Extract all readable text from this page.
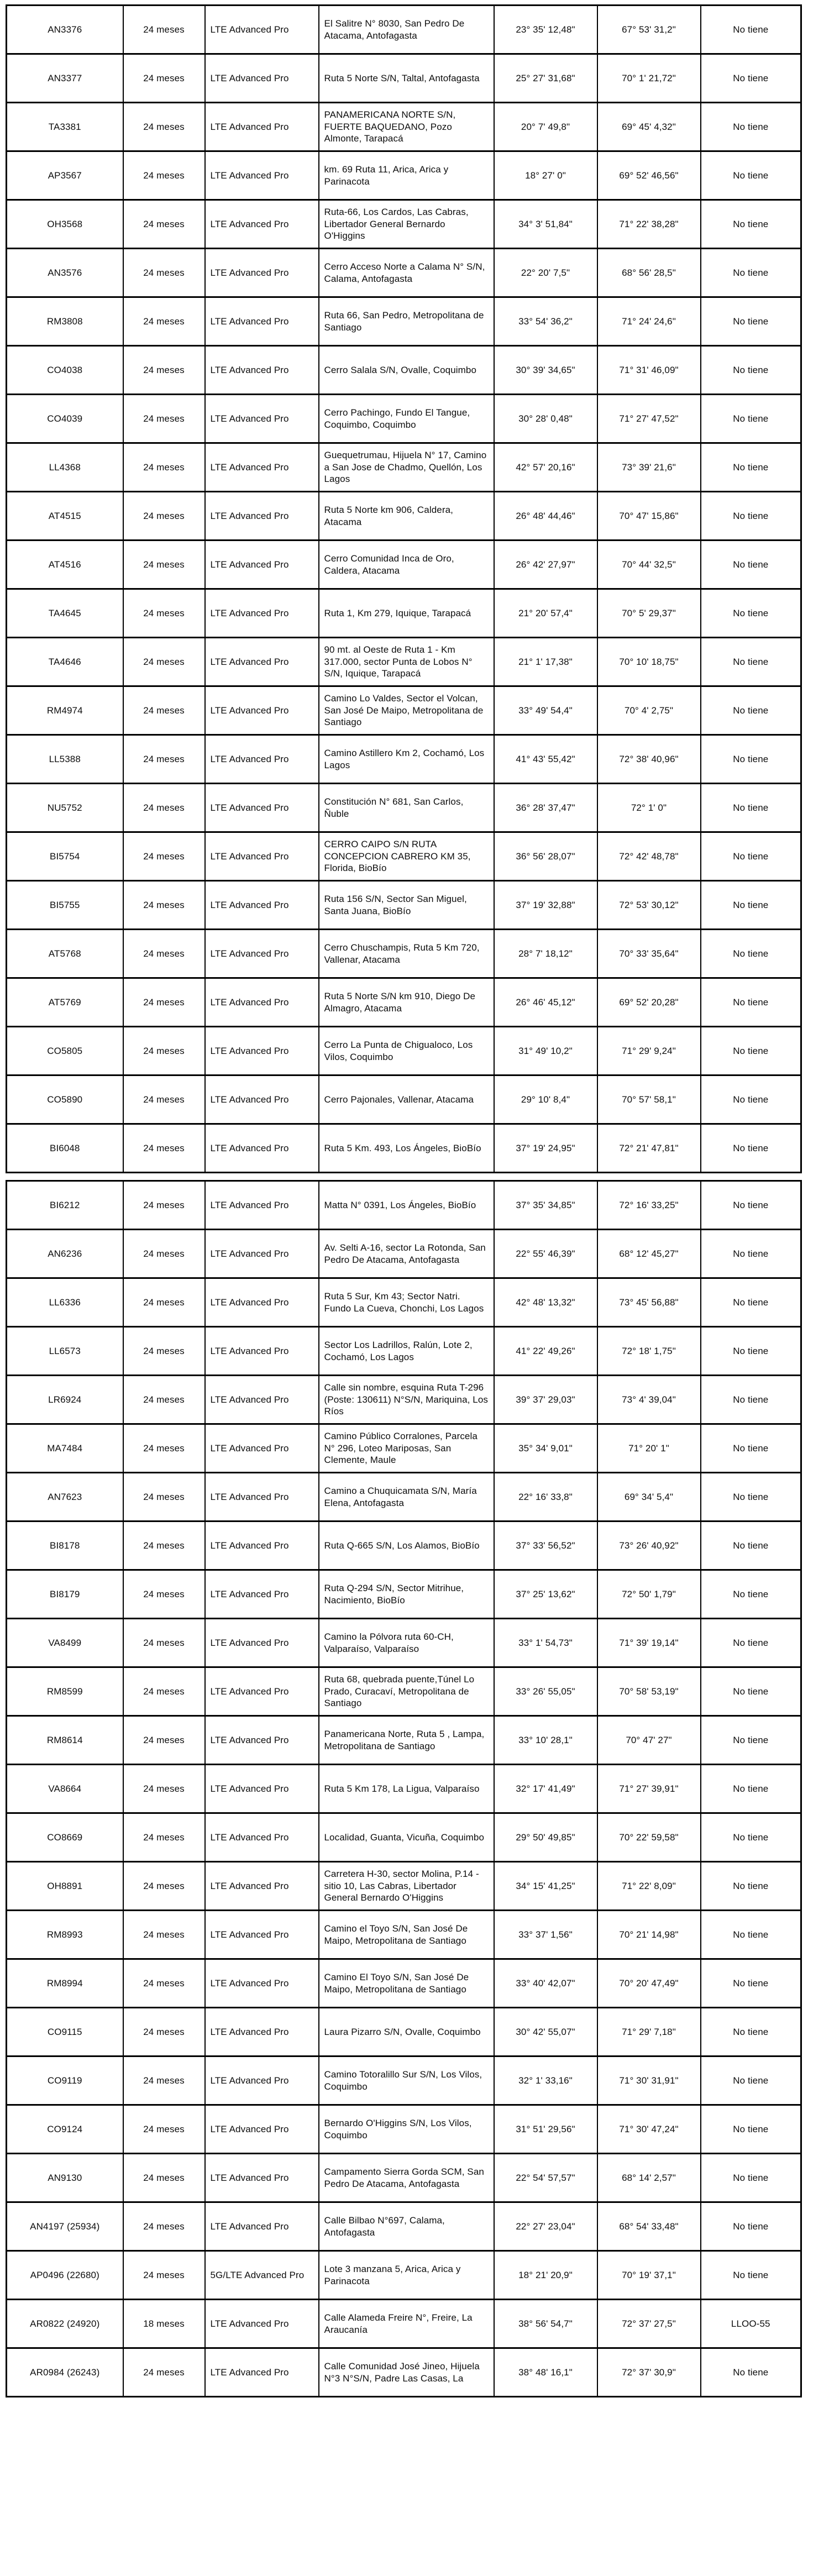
AN3376	24 meses	LTE Advanced Pro	El Salitre N° 8030, San Pedro De Atacama, Antofagasta	23° 35' 12,48"	67° 53' 31,2"	No tiene
AN3377	24 meses	LTE Advanced Pro	Ruta 5 Norte S/N, Taltal, Antofagasta	25° 27' 31,68"	70° 1' 21,72"	No tiene
TA3381	24 meses	LTE Advanced Pro	PANAMERICANA NORTE S/N, FUERTE BAQUEDANO, Pozo Almonte, Tarapacá	20° 7' 49,8"	69° 45' 4,32"	No tiene
AP3567	24 meses	LTE Advanced Pro	km. 69 Ruta 11, Arica, Arica y Parinacota	18° 27' 0"	69° 52' 46,56"	No tiene
OH3568	24 meses	LTE Advanced Pro	Ruta-66, Los Cardos, Las Cabras, Libertador General Bernardo O'Higgins	34° 3' 51,84"	71° 22' 38,28"	No tiene
AN3576	24 meses	LTE Advanced Pro	Cerro Acceso Norte a Calama N° S/N, Calama, Antofagasta	22° 20' 7,5"	68° 56' 28,5"	No tiene
RM3808	24 meses	LTE Advanced Pro	Ruta 66, San Pedro, Metropolitana de Santiago	33° 54' 36,2"	71° 24' 24,6"	No tiene
CO4038	24 meses	LTE Advanced Pro	Cerro Salala S/N, Ovalle, Coquimbo	30° 39' 34,65"	71° 31' 46,09"	No tiene
CO4039	24 meses	LTE Advanced Pro	Cerro Pachingo, Fundo El Tangue, Coquimbo, Coquimbo	30° 28' 0,48"	71° 27' 47,52"	No tiene
LL4368	24 meses	LTE Advanced Pro	Guequetrumau, Hijuela N° 17, Camino a San Jose de Chadmo, Quellón, Los Lagos	42° 57' 20,16"	73° 39' 21,6"	No tiene
AT4515	24 meses	LTE Advanced Pro	Ruta 5 Norte km 906, Caldera, Atacama	26° 48' 44,46"	70° 47' 15,86"	No tiene
AT4516	24 meses	LTE Advanced Pro	Cerro Comunidad Inca de Oro, Caldera, Atacama	26° 42' 27,97"	70° 44' 32,5"	No tiene
TA4645	24 meses	LTE Advanced Pro	Ruta 1, Km 279, Iquique, Tarapacá	21° 20' 57,4"	70° 5' 29,37"	No tiene
TA4646	24 meses	LTE Advanced Pro	90 mt. al Oeste de Ruta 1 - Km 317.000, sector Punta de Lobos N° S/N, Iquique, Tarapacá	21° 1' 17,38"	70° 10' 18,75"	No tiene
RM4974	24 meses	LTE Advanced Pro	Camino Lo Valdes, Sector el Volcan, San José De Maipo, Metropolitana de Santiago	33° 49' 54,4"	70° 4' 2,75"	No tiene
LL5388	24 meses	LTE Advanced Pro	Camino Astillero Km 2, Cochamó, Los Lagos	41° 43' 55,42"	72° 38' 40,96"	No tiene
NU5752	24 meses	LTE Advanced Pro	Constitución N° 681, San Carlos, Ñuble	36° 28' 37,47"	72° 1' 0"	No tiene
BI5754	24 meses	LTE Advanced Pro	CERRO CAIPO S/N RUTA CONCEPCION CABRERO KM 35, Florida, BioBío	36° 56' 28,07"	72° 42' 48,78"	No tiene
BI5755	24 meses	LTE Advanced Pro	Ruta 156 S/N, Sector San Miguel, Santa Juana, BioBío	37° 19' 32,88"	72° 53' 30,12"	No tiene
AT5768	24 meses	LTE Advanced Pro	Cerro Chuschampis, Ruta 5 Km 720, Vallenar, Atacama	28° 7' 18,12"	70° 33' 35,64"	No tiene
AT5769	24 meses	LTE Advanced Pro	Ruta 5 Norte S/N km 910, Diego De Almagro, Atacama	26° 46' 45,12"	69° 52' 20,28"	No tiene
CO5805	24 meses	LTE Advanced Pro	Cerro La Punta de Chigualoco, Los Vilos, Coquimbo	31° 49' 10,2"	71° 29' 9,24"	No tiene
CO5890	24 meses	LTE Advanced Pro	Cerro Pajonales, Vallenar, Atacama	29° 10' 8,4"	70° 57' 58,1"	No tiene
BI6048	24 meses	LTE Advanced Pro	Ruta 5 Km. 493, Los Ángeles, BioBío	37° 19' 24,95"	72° 21' 47,81"	No tiene
BI6212	24 meses	LTE Advanced Pro	Matta N° 0391, Los Ángeles, BioBío	37° 35' 34,85"	72° 16' 33,25"	No tiene
AN6236	24 meses	LTE Advanced Pro	Av. Selti A-16, sector La Rotonda, San Pedro De Atacama, Antofagasta	22° 55' 46,39"	68° 12' 45,27"	No tiene
LL6336	24 meses	LTE Advanced Pro	Ruta 5 Sur, Km 43; Sector Natri. Fundo La Cueva, Chonchi, Los Lagos	42° 48' 13,32"	73° 45' 56,88"	No tiene
LL6573	24 meses	LTE Advanced Pro	Sector Los Ladrillos, Ralún, Lote 2, Cochamó, Los Lagos	41° 22' 49,26"	72° 18' 1,75"	No tiene
LR6924	24 meses	LTE Advanced Pro	Calle sin nombre, esquina Ruta T-296 (Poste: 130611) N°S/N, Mariquina, Los Ríos	39° 37' 29,03"	73° 4' 39,04"	No tiene
MA7484	24 meses	LTE Advanced Pro	Camino Público Corralones, Parcela N° 296, Loteo Mariposas, San Clemente, Maule	35° 34' 9,01"	71° 20' 1"	No tiene
AN7623	24 meses	LTE Advanced Pro	Camino a Chuquicamata S/N, María Elena, Antofagasta	22° 16' 33,8"	69° 34' 5,4"	No tiene
BI8178	24 meses	LTE Advanced Pro	Ruta Q-665 S/N, Los Alamos, BioBío	37° 33' 56,52"	73° 26' 40,92"	No tiene
BI8179	24 meses	LTE Advanced Pro	Ruta Q-294 S/N, Sector Mitrihue, Nacimiento, BioBío	37° 25' 13,62"	72° 50' 1,79"	No tiene
VA8499	24 meses	LTE Advanced Pro	Camino la Pólvora ruta 60-CH, Valparaíso, Valparaíso	33° 1' 54,73"	71° 39' 19,14"	No tiene
RM8599	24 meses	LTE Advanced Pro	Ruta 68, quebrada puente,Túnel Lo Prado, Curacaví, Metropolitana de Santiago	33° 26' 55,05"	70° 58' 53,19"	No tiene
RM8614	24 meses	LTE Advanced Pro	Panamericana Norte, Ruta 5 , Lampa, Metropolitana de Santiago	33° 10' 28,1"	70° 47' 27"	No tiene
VA8664	24 meses	LTE Advanced Pro	Ruta 5 Km 178, La Ligua, Valparaíso	32° 17' 41,49"	71° 27' 39,91"	No tiene
CO8669	24 meses	LTE Advanced Pro	Localidad, Guanta, Vicuña, Coquimbo	29° 50' 49,85"	70° 22' 59,58"	No tiene
OH8891	24 meses	LTE Advanced Pro	Carretera H-30, sector Molina, P.14 - sitio 10, Las Cabras, Libertador General Bernardo O'Higgins	34° 15' 41,25"	71° 22' 8,09"	No tiene
RM8993	24 meses	LTE Advanced Pro	Camino el Toyo S/N, San José De Maipo, Metropolitana de Santiago	33° 37' 1,56"	70° 21' 14,98"	No tiene
RM8994	24 meses	LTE Advanced Pro	Camino El Toyo S/N, San José De Maipo, Metropolitana de Santiago	33° 40' 42,07"	70° 20' 47,49"	No tiene
CO9115	24 meses	LTE Advanced Pro	Laura Pizarro S/N, Ovalle, Coquimbo	30° 42' 55,07"	71° 29' 7,18"	No tiene
CO9119	24 meses	LTE Advanced Pro	Camino Totoralillo Sur S/N, Los Vilos, Coquimbo	32° 1' 33,16"	71° 30' 31,91"	No tiene
CO9124	24 meses	LTE Advanced Pro	Bernardo O'Higgins S/N, Los Vilos, Coquimbo	31° 51' 29,56"	71° 30' 47,24"	No tiene
AN9130	24 meses	LTE Advanced Pro	Campamento Sierra Gorda SCM, San Pedro De Atacama, Antofagasta	22° 54' 57,57"	68° 14' 2,57"	No tiene
AN4197 (25934)	24 meses	LTE Advanced Pro	Calle Bilbao N°697, Calama, Antofagasta	22° 27' 23,04"	68° 54' 33,48"	No tiene
AP0496 (22680)	24 meses	5G/LTE Advanced Pro	Lote 3 manzana 5, Arica, Arica y Parinacota	18° 21' 20,9"	70° 19' 37,1"	No tiene
AR0822 (24920)	18 meses	LTE Advanced Pro	Calle Alameda Freire N°, Freire, La Araucanía	38° 56' 54,7"	72° 37' 27,5"	LLOO-55
AR0984 (26243)	24 meses	LTE Advanced Pro	Calle Comunidad José Jineo, Hijuela N°3 N°S/N, Padre Las Casas, La	38° 48' 16,1"	72° 37' 30,9"	No tiene
